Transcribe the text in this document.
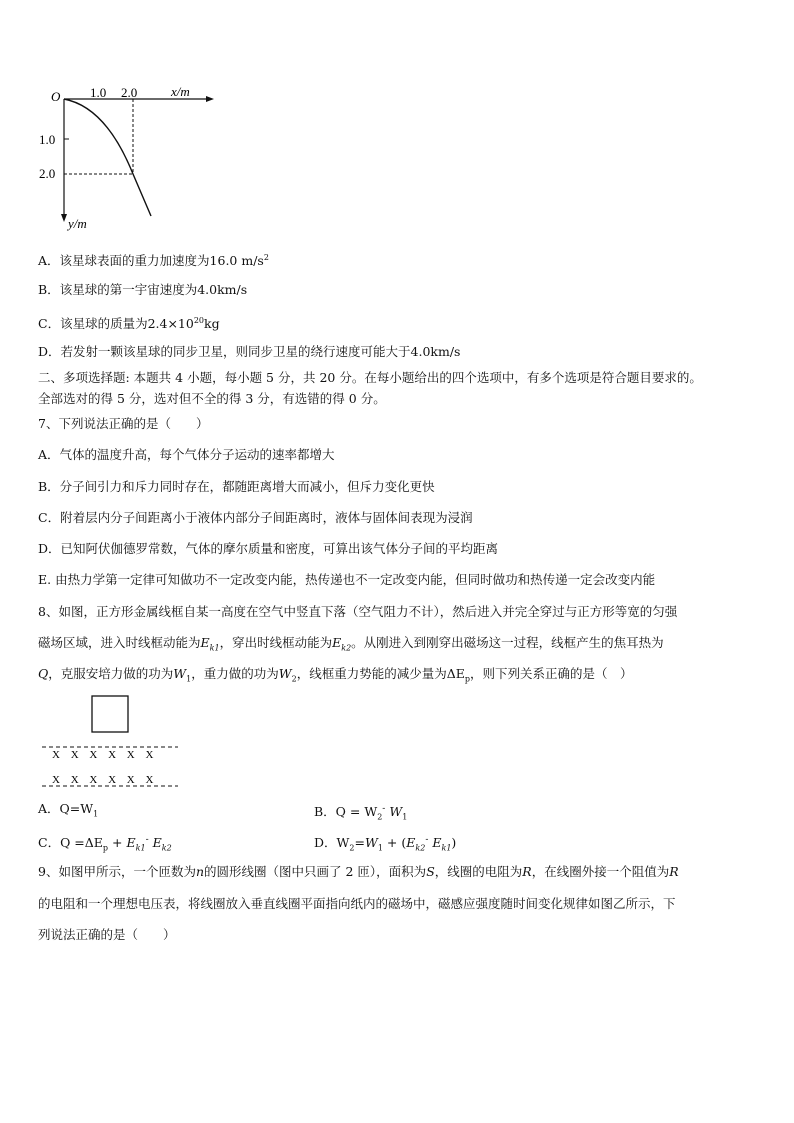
O 1.0 2.0	x/m
1.0
2.0
y/m
A．该星球表面的重力加速度为16.0 $m/s^2$
B．该星球的第一宇宙速度为4.0km/s
C．该星球的质量为$2.4\times 10^{20}kg$
D．若发射一颗该星球的同步卫星，则同步卫星的绕行速度可能大于4.0km/s
二、多项选择题: 本题共 4 小题，每小题 5 分，共 20 分。在每小题给出的四个选项中，有多个选项是符合题目要求的。
全部选对的得 5 分，选对但不全的得 3 分，有选错的得 0 分。
7、下列说法正确的是（　　）
A．气体的温度升高，每个气体分子运动的速率都增大
B．分子间引力和斥力同时存在，都随距离增大而减小，但斥力变化更快
C．附着层内分子间距离小于液体内部分子间距离时，液体与固体间表现为浸润
D．已知阿伏伽德罗常数，气体的摩尔质量和密度，可算出该气体分子间的平均距离
E. 由热力学第一定律可知做功不一定改变内能，热传递也不一定改变内能，但同时做功和热传递一定会改变内能
8、如图，正方形金属线框自某一高度在空气中竖直下落（空气阻力不计），然后进入并完全穿过与正方形等宽的匀强
磁场区域，进入时线框动能为$E_{k1}$，穿出时线框动能为$E_{k2}$。从刚进入到刚穿出磁场这一过程，线框产生的焦耳热为
Q，克服安培力做的功为$W_1$，重力做的功为$W_2$，线框重力势能的减少量为$\Delta E_p$，则下列关系正确的是（　）
X X X X X X
X X X X X X
A．$Q=W_1$	B．$Q = W_2^-$ $W_1$
C．$Q =\Delta E_p + E_{k1}^-$ $E_{k2}$	D．$W_2=W_1 + (E_{k2}^-$ $E_{k1}$)
9、如图甲所示，一个匝数为n的圆形线圈（图中只画了 2 匝），面积为S，线圈的电阻为R，在线圈外接一个阻值为R
的电阻和一个理想电压表，将线圈放入垂直线圈平面指向纸内的磁场中，磁感应强度随时间变化规律如图乙所示，下
列说法正确的是（　　）
